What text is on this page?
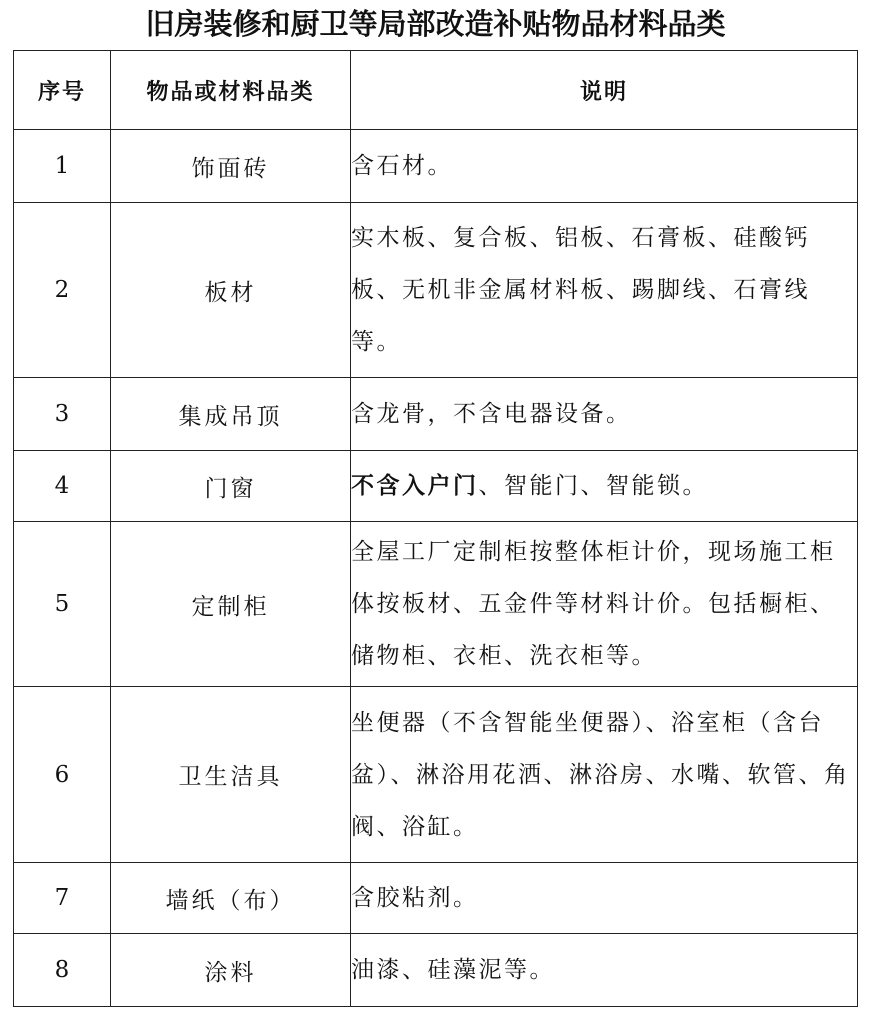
旧房装修和厨卫等局部改造补贴物品材料品类
序号	物品或材料品类	说明
1	饰面砖	含石材。
2	板材	实木板、复合板、铝板、石膏板、硅酸钙板、无机非金属材料板、踢脚线、石膏线等。
3	集成吊顶	含龙骨，不含电器设备。
4	门窗	不含入户门、智能门、智能锁。
5	定制柜	全屋工厂定制柜按整体柜计价，现场施工柜体按板材、五金件等材料计价。包括橱柜、储物柜、衣柜、洗衣柜等。
6	卫生洁具	坐便器（不含智能坐便器）、浴室柜（含台盆）、淋浴用花洒、淋浴房、水嘴、软管、角阀、浴缸。
7	墙纸（布）	含胶粘剂。
8	涂料	油漆、硅藻泥等。
